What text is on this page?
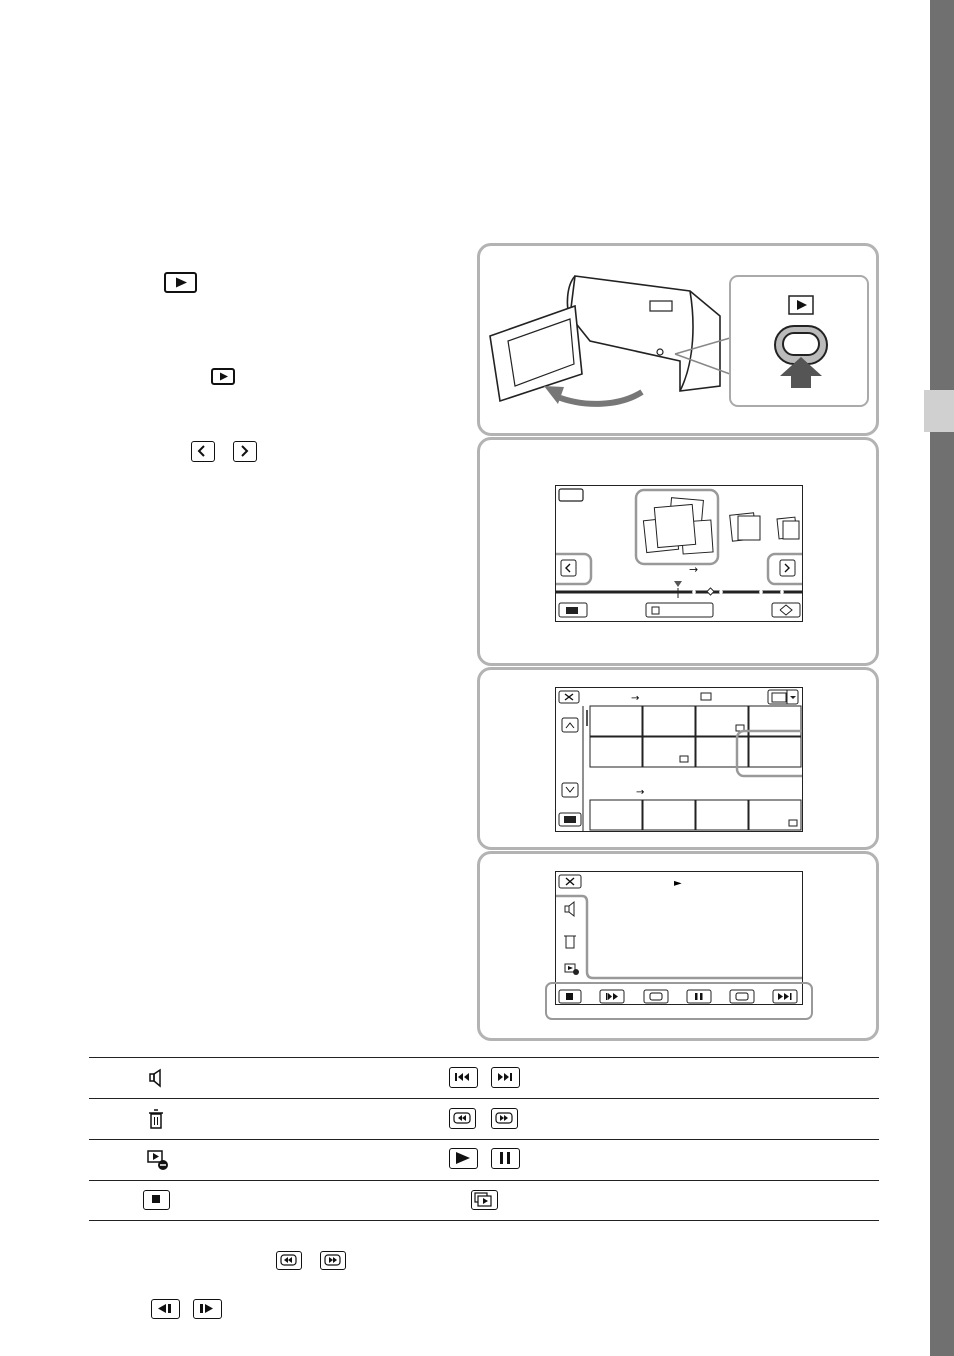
→
→
→
►
